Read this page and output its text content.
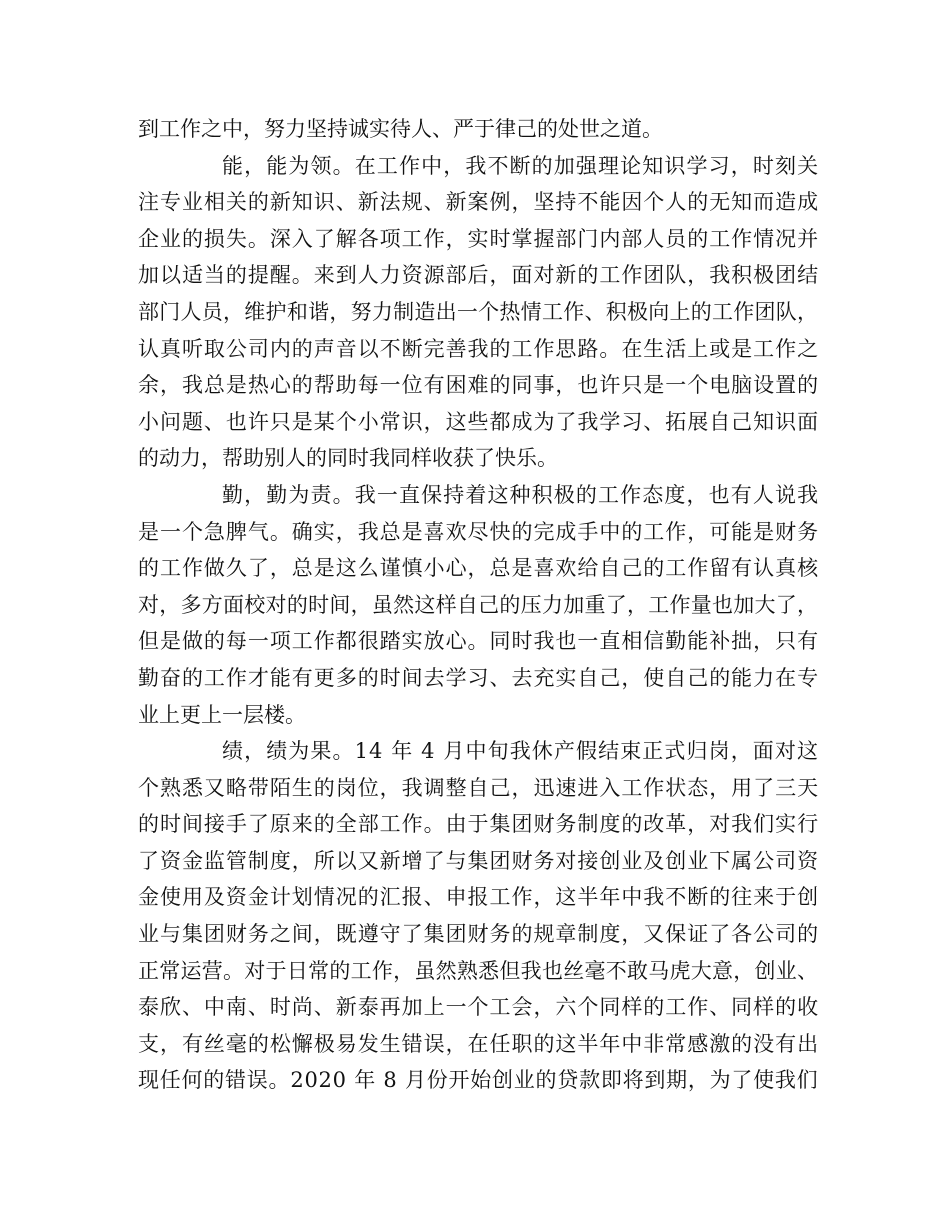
到工作之中，努力坚持诚实待人、严于律己的处世之道。
能，能为领。在工作中，我不断的加强理论知识学习，时刻关
注专业相关的新知识、新法规、新案例，坚持不能因个人的无知而造成
企业的损失。深入了解各项工作，实时掌握部门内部人员的工作情况并
加以适当的提醒。来到人力资源部后，面对新的工作团队，我积极团结
部门人员，维护和谐，努力制造出一个热情工作、积极向上的工作团队，
认真听取公司内的声音以不断完善我的工作思路。在生活上或是工作之
余，我总是热心的帮助每一位有困难的同事，也许只是一个电脑设置的
小问题、也许只是某个小常识，这些都成为了我学习、拓展自己知识面
的动力，帮助别人的同时我同样收获了快乐。
勤，勤为责。我一直保持着这种积极的工作态度，也有人说我
是一个急脾气。确实，我总是喜欢尽快的完成手中的工作，可能是财务
的工作做久了，总是这么谨慎小心，总是喜欢给自己的工作留有认真核
对，多方面校对的时间，虽然这样自己的压力加重了，工作量也加大了，
但是做的每一项工作都很踏实放心。同时我也一直相信勤能补拙，只有
勤奋的工作才能有更多的时间去学习、去充实自己，使自己的能力在专
业上更上一层楼。
绩，绩为果。14 年 4 月中旬我休产假结束正式归岗，面对这
个熟悉又略带陌生的岗位，我调整自己，迅速进入工作状态，用了三天
的时间接手了原来的全部工作。由于集团财务制度的改革，对我们实行
了资金监管制度，所以又新增了与集团财务对接创业及创业下属公司资
金使用及资金计划情况的汇报、申报工作，这半年中我不断的往来于创
业与集团财务之间，既遵守了集团财务的规章制度，又保证了各公司的
正常运营。对于日常的工作，虽然熟悉但我也丝毫不敢马虎大意，创业、
泰欣、中南、时尚、新泰再加上一个工会，六个同样的工作、同样的收
支，有丝毫的松懈极易发生错误，在任职的这半年中非常感激的没有出
现任何的错误。2020 年 8 月份开始创业的贷款即将到期，为了使我们
